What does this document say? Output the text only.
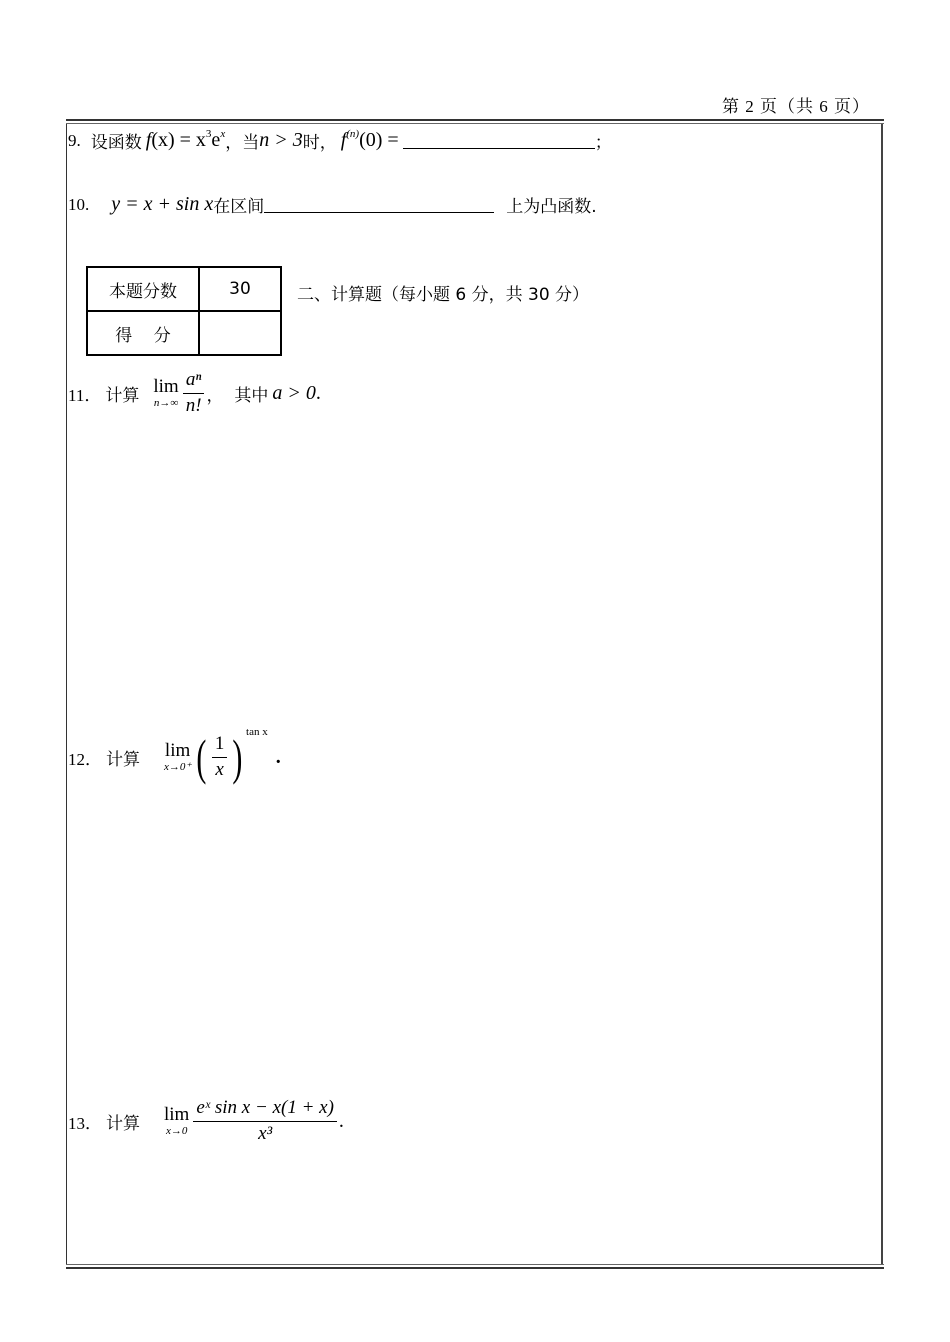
第 2 页（共 6 页）
9. 设函数 $f(x) = x^3e^x$ ，当 n > 3 时， $f^{(n)}(0)$ =	；
10. y = x + sin x 在区间	上为凸函数.
本题分数	30
得    分	
二、计算题（每小题 6 分，共 30 分）
11． 计算 lim
$n\to\infty \frac{\text{aⁿ}}{n!}$ ，  其中 a > 0 .
12． 计算 lim
x→0⁺ ( $\frac{1}{x}$ ) tan x
.
13． 计算 lim
$x\to 0 \frac{\text{eˣ sin x − x(1 + x)}}{\text{x³}}$ .
